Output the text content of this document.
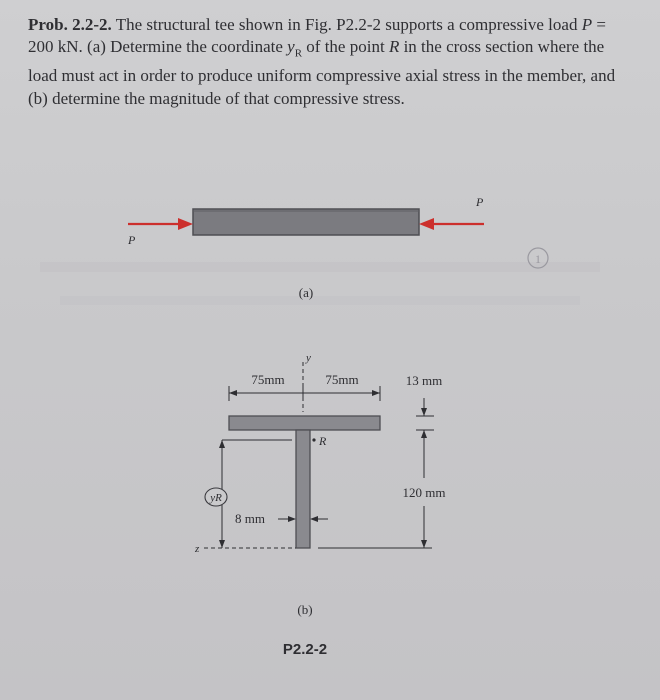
Prob. 2.2-2. The structural tee shown in Fig. P2.2-2 supports a compressive load P = 200 kN. (a) Determine the coordinate $y_R$ of the point R in the cross section where the load must act in order to produce uniform compressive axial stress in the member, and (b) determine the magnitude of that compressive stress.
1
P
P
(a)
y
75mm	75mm
R
13 mm
120 mm
yR
8 mm
z
(b)
P2.2-2
